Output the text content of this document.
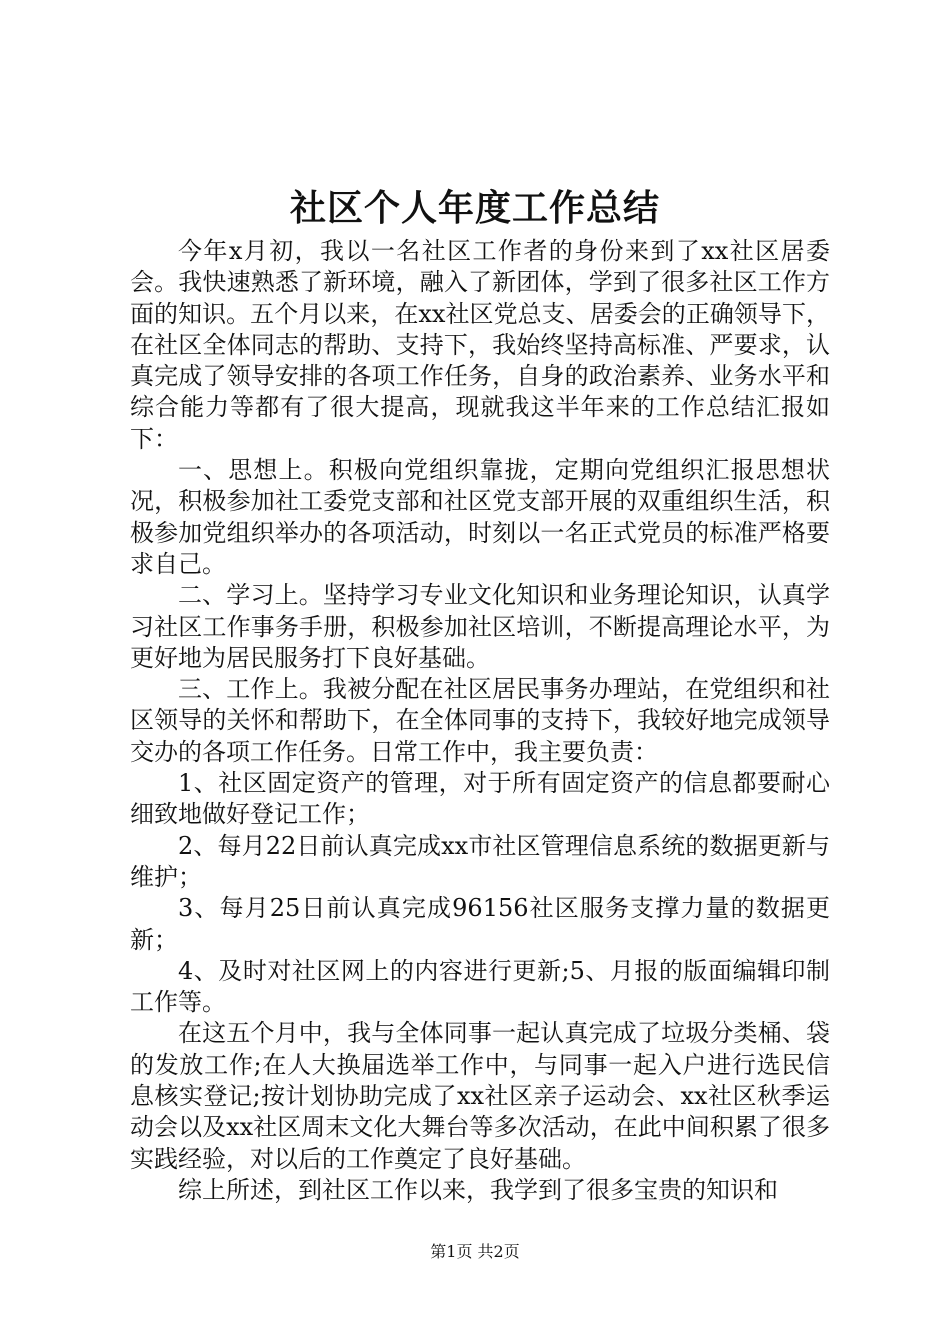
社区个人年度工作总结

今年x月初，我以一名社区工作者的身份来到了xx社区居委会。我快速熟悉了新环境，融入了新团体，学到了很多社区工作方面的知识。五个月以来，在xx社区党总支、居委会的正确领导下，在社区全体同志的帮助、支持下，我始终坚持高标准、严要求，认真完成了领导安排的各项工作任务，自身的政治素养、业务水平和综合能力等都有了很大提高，现就我这半年来的工作总结汇报如下：

一、思想上。积极向党组织靠拢，定期向党组织汇报思想状况，积极参加社工委党支部和社区党支部开展的双重组织生活，积极参加党组织举办的各项活动，时刻以一名正式党员的标准严格要求自己。

二、学习上。坚持学习专业文化知识和业务理论知识，认真学习社区工作事务手册，积极参加社区培训，不断提高理论水平，为更好地为居民服务打下良好基础。

三、工作上。我被分配在社区居民事务办理站，在党组织和社区领导的关怀和帮助下，在全体同事的支持下，我较好地完成领导交办的各项工作任务。日常工作中，我主要负责：

1、社区固定资产的管理，对于所有固定资产的信息都要耐心细致地做好登记工作；

2、每月22日前认真完成xx市社区管理信息系统的数据更新与维护；

3、每月25日前认真完成96156社区服务支撑力量的数据更新；

4、及时对社区网上的内容进行更新;5、月报的版面编辑印制工作等。

在这五个月中，我与全体同事一起认真完成了垃圾分类桶、袋的发放工作;在人大换届选举工作中，与同事一起入户进行选民信息核实登记;按计划协助完成了xx社区亲子运动会、xx社区秋季运动会以及xx社区周末文化大舞台等多次活动，在此中间积累了很多实践经验，对以后的工作奠定了良好基础。

综上所述，到社区工作以来，我学到了很多宝贵的知识和

第1页 共2页
